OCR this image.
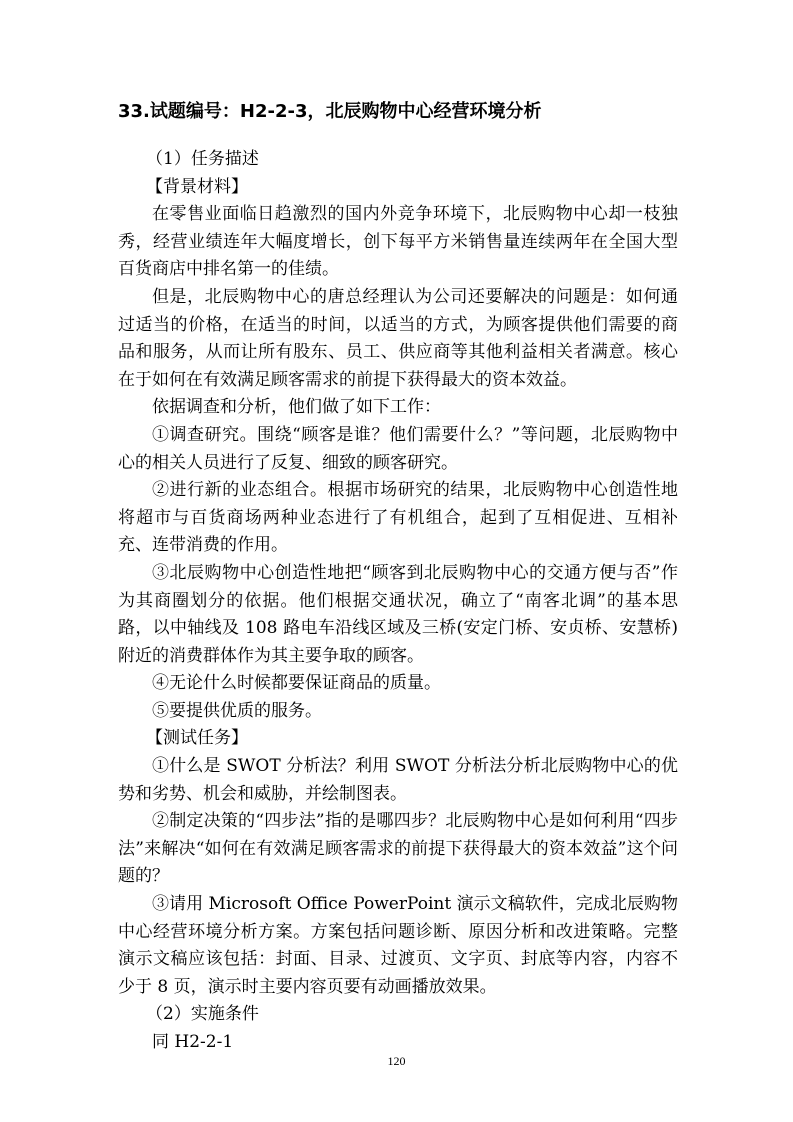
33.试题编号：H2-2-3，北辰购物中心经营环境分析

（1）任务描述

【背景材料】

在零售业面临日趋激烈的国内外竞争环境下，北辰购物中心却一枝独秀，经营业绩连年大幅度增长，创下每平方米销售量连续两年在全国大型百货商店中排名第一的佳绩。

但是，北辰购物中心的唐总经理认为公司还要解决的问题是：如何通过适当的价格，在适当的时间，以适当的方式，为顾客提供他们需要的商品和服务，从而让所有股东、员工、供应商等其他利益相关者满意。核心在于如何在有效满足顾客需求的前提下获得最大的资本效益。

依据调查和分析，他们做了如下工作：

①调查研究。围绕“顾客是谁？他们需要什么？”等问题，北辰购物中心的相关人员进行了反复、细致的顾客研究。

②进行新的业态组合。根据市场研究的结果，北辰购物中心创造性地将超市与百货商场两种业态进行了有机组合，起到了互相促进、互相补充、连带消费的作用。

③北辰购物中心创造性地把“顾客到北辰购物中心的交通方便与否”作为其商圈划分的依据。他们根据交通状况，确立了“南客北调”的基本思路，以中轴线及 108 路电车沿线区域及三桥(安定门桥、安贞桥、安慧桥)附近的消费群体作为其主要争取的顾客。

④无论什么时候都要保证商品的质量。

⑤要提供优质的服务。

【测试任务】

①什么是 SWOT 分析法？利用 SWOT 分析法分析北辰购物中心的优势和劣势、机会和威胁，并绘制图表。

②制定决策的“四步法”指的是哪四步？北辰购物中心是如何利用“四步法”来解决“如何在有效满足顾客需求的前提下获得最大的资本效益”这个问题的？

③请用 Microsoft Office PowerPoint 演示文稿软件，完成北辰购物中心经营环境分析方案。方案包括问题诊断、原因分析和改进策略。完整演示文稿应该包括：封面、目录、过渡页、文字页、封底等内容，内容不少于 8 页，演示时主要内容页要有动画播放效果。

（2）实施条件

同 H2-2-1

120
